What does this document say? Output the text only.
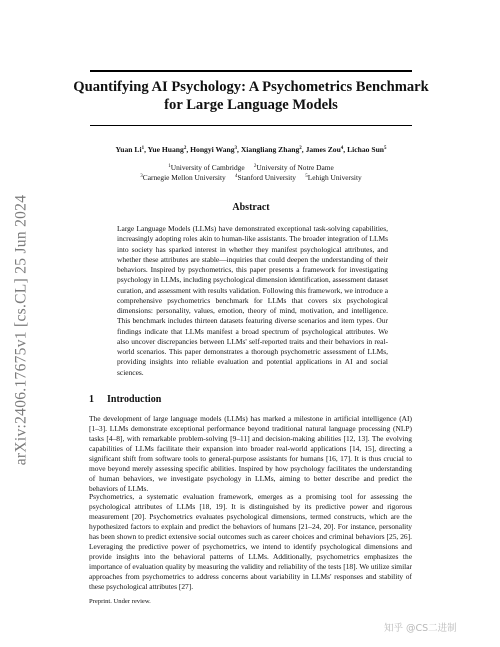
arXiv:2406.17675v1 [cs.CL] 25 Jun 2024
Quantifying AI Psychology: A Psychometrics Benchmark for Large Language Models
Yuan Li$^1$, Yue Huang$^2$, Hongyi Wang$^3$, Xiangliang Zhang$^2$, James Zou$^4$, Lichao Sun$^5$
$^1$University of Cambridge $^2$University of Notre Dame
$^3$Carnegie Mellon University $^4$Stanford University $^5$Lehigh University
Abstract
Large Language Models (LLMs) have demonstrated exceptional task-solving capabilities, increasingly adopting roles akin to human-like assistants. The broader integration of LLMs into society has sparked interest in whether they manifest psychological attributes, and whether these attributes are stable—inquiries that could deepen the understanding of their behaviors. Inspired by psychometrics, this paper presents a framework for investigating psychology in LLMs, including psychological dimension identification, assessment dataset curation, and assessment with results validation. Following this framework, we introduce a comprehensive psychometrics benchmark for LLMs that covers six psychological dimensions: personality, values, emotion, theory of mind, motivation, and intelligence. This benchmark includes thirteen datasets featuring diverse scenarios and item types. Our findings indicate that LLMs manifest a broad spectrum of psychological attributes. We also uncover discrepancies between LLMs' self-reported traits and their behaviors in real-world scenarios. This paper demonstrates a thorough psychometric assessment of LLMs, providing insights into reliable evaluation and potential applications in AI and social sciences.
1 Introduction
The development of large language models (LLMs) has marked a milestone in artificial intelligence (AI) [1–3]. LLMs demonstrate exceptional performance beyond traditional natural language processing (NLP) tasks [4–8], with remarkable problem-solving [9–11] and decision-making abilities [12, 13]. The evolving capabilities of LLMs facilitate their expansion into broader real-world applications [14, 15], directing a significant shift from software tools to general-purpose assistants for humans [16, 17]. It is thus crucial to move beyond merely assessing specific abilities. Inspired by how psychology facilitates the understanding of human behaviors, we investigate psychology in LLMs, aiming to better describe and predict the behaviors of LLMs.
Psychometrics, a systematic evaluation framework, emerges as a promising tool for assessing the psychological attributes of LLMs [18, 19]. It is distinguished by its predictive power and rigorous measurement [20]. Psychometrics evaluates psychological dimensions, termed constructs, which are the hypothesized factors to explain and predict the behaviors of humans [21–24, 20]. For instance, personality has been shown to predict extensive social outcomes such as career choices and criminal behaviors [25, 26]. Leveraging the predictive power of psychometrics, we intend to identify psychological dimensions and provide insights into the behavioral patterns of LLMs. Additionally, psychometrics emphasizes the importance of evaluation quality by measuring the validity and reliability of the tests [18]. We utilize similar approaches from psychometrics to address concerns about variability in LLMs' responses and stability of these psychological attributes [27].
Preprint. Under review.
知乎 @CS二进制
